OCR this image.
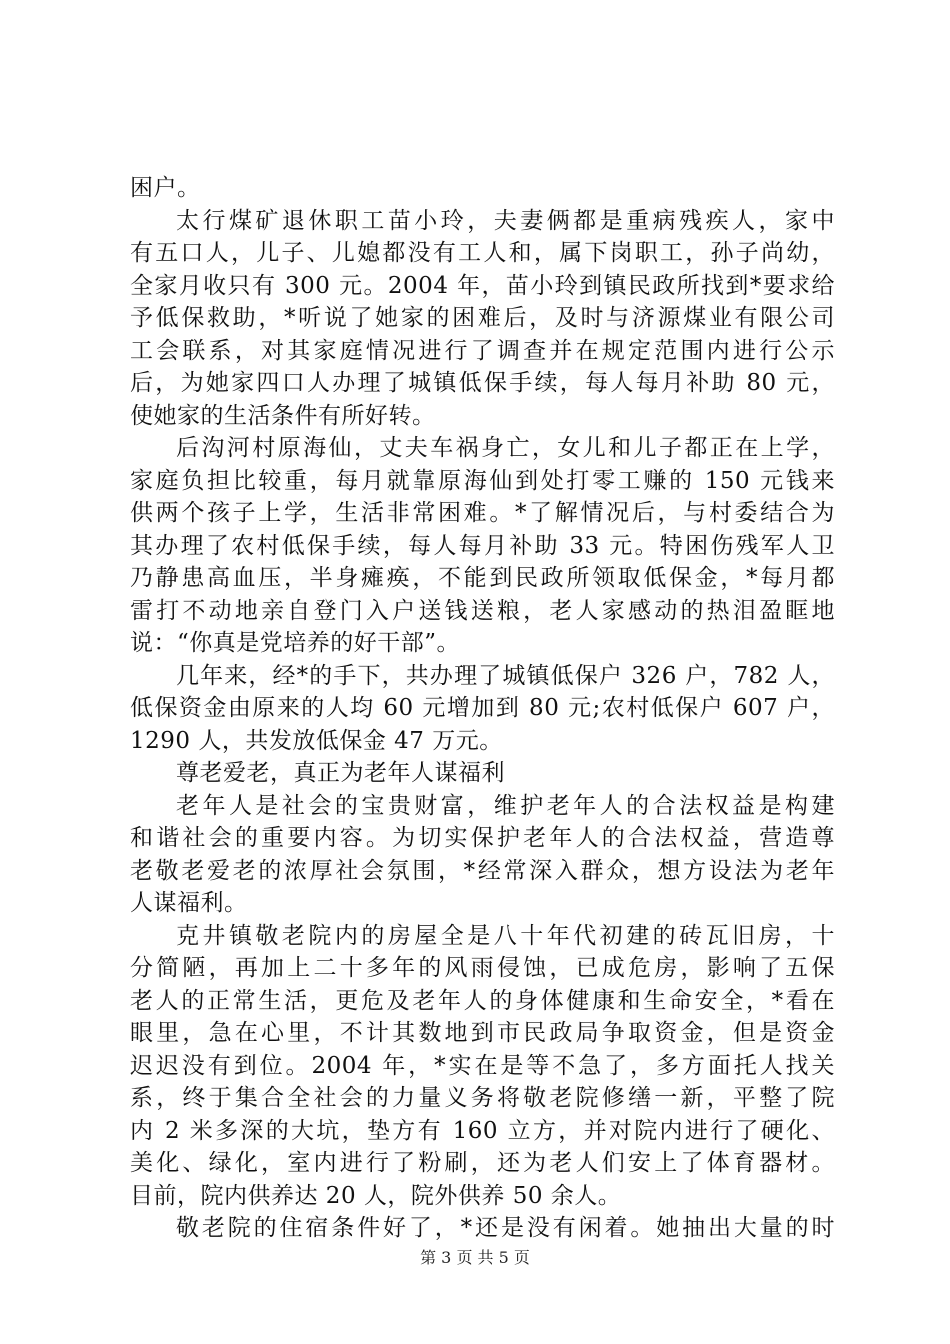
困户。
太行煤矿退休职工苗小玲，夫妻俩都是重病残疾人，家中
有五口人，儿子、儿媳都没有工人和，属下岗职工，孙子尚幼，
全家月收只有 300 元。2004 年，苗小玲到镇民政所找到*要求给
予低保救助，*听说了她家的困难后，及时与济源煤业有限公司
工会联系，对其家庭情况进行了调查并在规定范围内进行公示
后，为她家四口人办理了城镇低保手续，每人每月补助 80 元，
使她家的生活条件有所好转。
后沟河村原海仙，丈夫车祸身亡，女儿和儿子都正在上学，
家庭负担比较重，每月就靠原海仙到处打零工赚的 150 元钱来
供两个孩子上学，生活非常困难。*了解情况后，与村委结合为
其办理了农村低保手续，每人每月补助 33 元。特困伤残军人卫
乃静患高血压，半身瘫痪，不能到民政所领取低保金，*每月都
雷打不动地亲自登门入户送钱送粮，老人家感动的热泪盈眶地
说：“你真是党培养的好干部”。
几年来，经*的手下，共办理了城镇低保户 326 户，782 人，
低保资金由原来的人均 60 元增加到 80 元;农村低保户 607 户，
1290 人，共发放低保金 47 万元。
尊老爱老，真正为老年人谋福利
老年人是社会的宝贵财富，维护老年人的合法权益是构建
和谐社会的重要内容。为切实保护老年人的合法权益，营造尊
老敬老爱老的浓厚社会氛围，*经常深入群众，想方设法为老年
人谋福利。
克井镇敬老院内的房屋全是八十年代初建的砖瓦旧房，十
分简陋，再加上二十多年的风雨侵蚀，已成危房，影响了五保
老人的正常生活，更危及老年人的身体健康和生命安全，*看在
眼里，急在心里，不计其数地到市民政局争取资金，但是资金
迟迟没有到位。2004 年，*实在是等不急了，多方面托人找关
系，终于集合全社会的力量义务将敬老院修缮一新，平整了院
内 2 米多深的大坑，垫方有 160 立方，并对院内进行了硬化、
美化、绿化，室内进行了粉刷，还为老人们安上了体育器材。
目前，院内供养达 20 人，院外供养 50 余人。
敬老院的住宿条件好了，*还是没有闲着。她抽出大量的时
第 3 页 共 5 页
